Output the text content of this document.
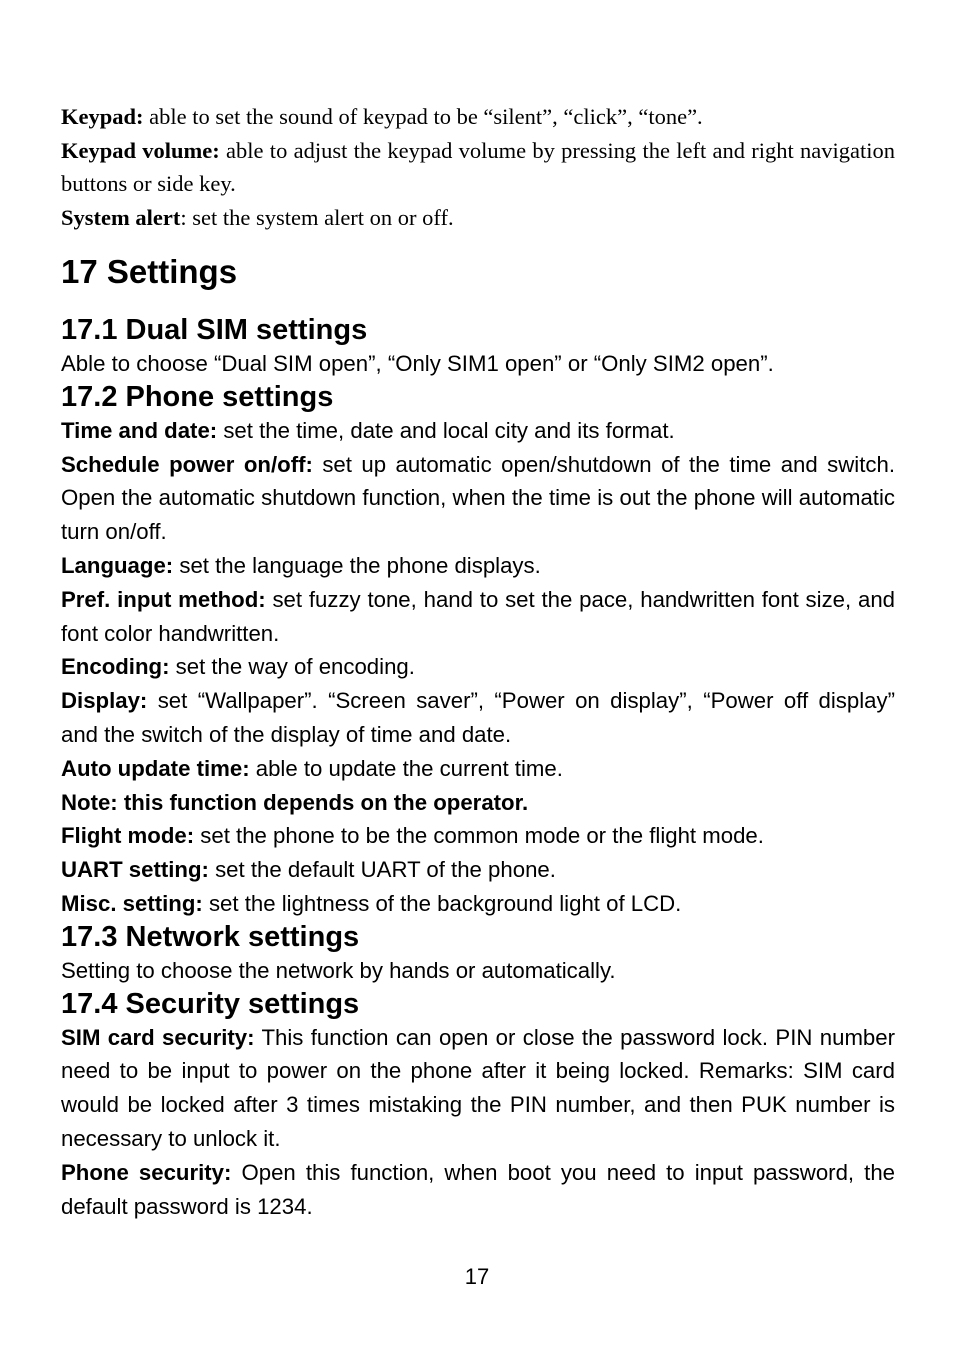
Keypad: able to set the sound of keypad to be “silent”, “click”, “tone”.

Keypad volume: able to adjust the keypad volume by pressing the left and right navigation buttons or side key.

System alert: set the system alert on or off.

17 Settings
17.1 Dual SIM settings

Able to choose “Dual SIM open”, “Only SIM1 open” or “Only SIM2 open”.

17.2 Phone settings

Time and date: set the time, date and local city and its format.

Schedule power on/off: set up automatic open/shutdown of the time and switch. Open the automatic shutdown function, when the time is out the phone will automatic turn on/off.

Language: set the language the phone displays.

Pref. input method: set fuzzy tone, hand to set the pace, handwritten font size, and font color handwritten.

Encoding: set the way of encoding.

Display: set “Wallpaper”. “Screen saver”, “Power on display”, “Power off display” and the switch of the display of time and date.

Auto update time: able to update the current time.

Note: this function depends on the operator.

Flight mode: set the phone to be the common mode or the flight mode.

UART setting: set the default UART of the phone.

Misc. setting: set the lightness of the background light of LCD.

17.3 Network settings

Setting to choose the network by hands or automatically.

17.4 Security settings

SIM card security: This function can open or close the password lock. PIN number need to be input to power on the phone after it being locked. Remarks: SIM card would be locked after 3 times mistaking the PIN number, and then PUK number is necessary to unlock it.

Phone security: Open this function, when boot you need to input password, the default password is 1234.

17
